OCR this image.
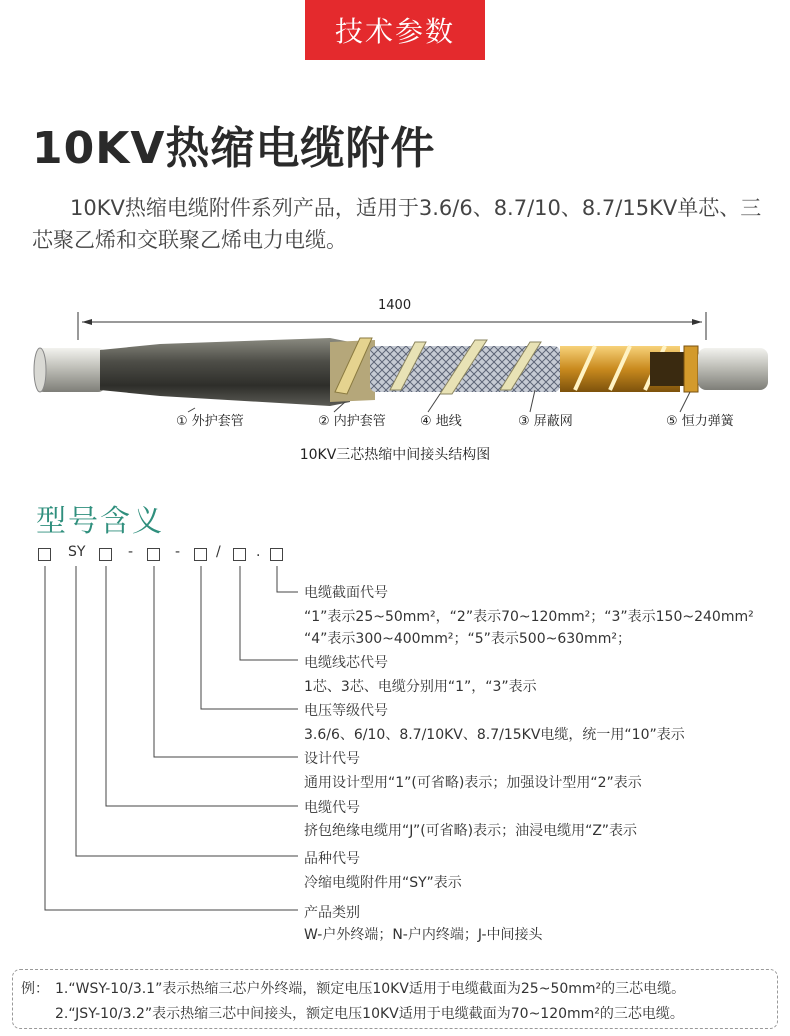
技术参数
10KV热缩电缆附件
10KV热缩电缆附件系列产品，适用于3.6/6、8.7/10、8.7/15KV单芯、三芯聚乙烯和交联聚乙烯电力电缆。
1400
① 外护套管	② 内护套管	④ 地线	③ 屏蔽网	⑤ 恒力弹簧
10KV三芯热缩中间接头结构图
型号含义
SY	-	-	/	.
电缆截面代号
“1”表示25~50mm²，“2”表示70~120mm²；“3”表示150~240mm²
“4”表示300~400mm²；“5”表示500~630mm²；
电缆线芯代号
1芯、3芯、电缆分别用“1”，“3”表示
电压等级代号
3.6/6、6/10、8.7/10KV、8.7/15KV电缆，统一用“10”表示
设计代号
通用设计型用“1”(可省略)表示；加强设计型用“2”表示
电缆代号
挤包绝缘电缆用“J”(可省略)表示；油浸电缆用“Z”表示
品种代号
冷缩电缆附件用“SY”表示
产品类别
W-户外终端；N-户内终端；J-中间接头
例： 1.“WSY-10/3.1”表示热缩三芯户外终端，额定电压10KV适用于电缆截面为25~50mm²的三芯电缆。
2.“JSY-10/3.2”表示热缩三芯中间接头，额定电压10KV适用于电缆截面为70~120mm²的三芯电缆。
